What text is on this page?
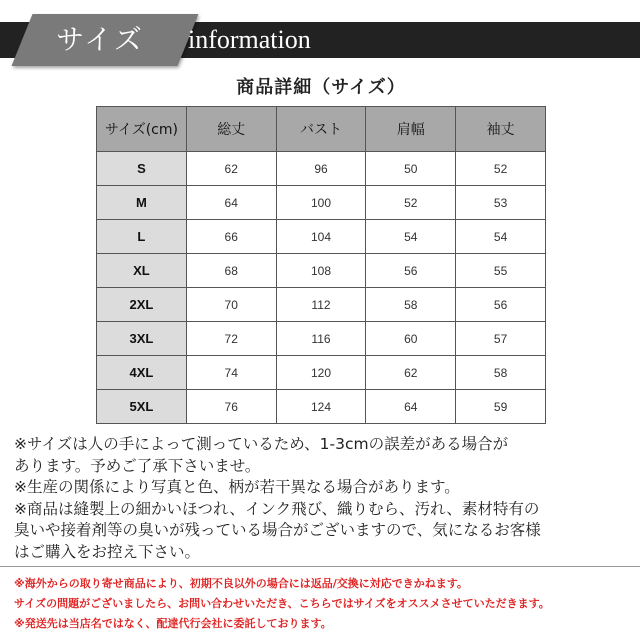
サイズ	information
商品詳細（サイズ）
サイズ(cm)	総丈	バスト	肩幅	袖丈
S	62	96	50	52
M	64	100	52	53
L	66	104	54	54
XL	68	108	56	55
2XL	70	112	58	56
3XL	72	116	60	57
4XL	74	120	62	58
5XL	76	124	64	59

※サイズは人の手によって測っているため、1-3cmの誤差がある場合が

あります。予めご了承下さいませ。

※生産の関係により写真と色、柄が若干異なる場合があります。

※商品は縫製上の細かいほつれ、インク飛び、織りむら、汚れ、素材特有の

臭いや接着剤等の臭いが残っている場合がございますので、気になるお客様

はご購入をお控え下さい。

※海外からの取り寄せ商品により、初期不良以外の場合には返品/交換に対応できかねます。

サイズの問題がございましたら、お問い合わせいただき、こちらではサイズをオススメさせていただきます。

※発送先は当店名ではなく、配達代行会社に委託しております。
